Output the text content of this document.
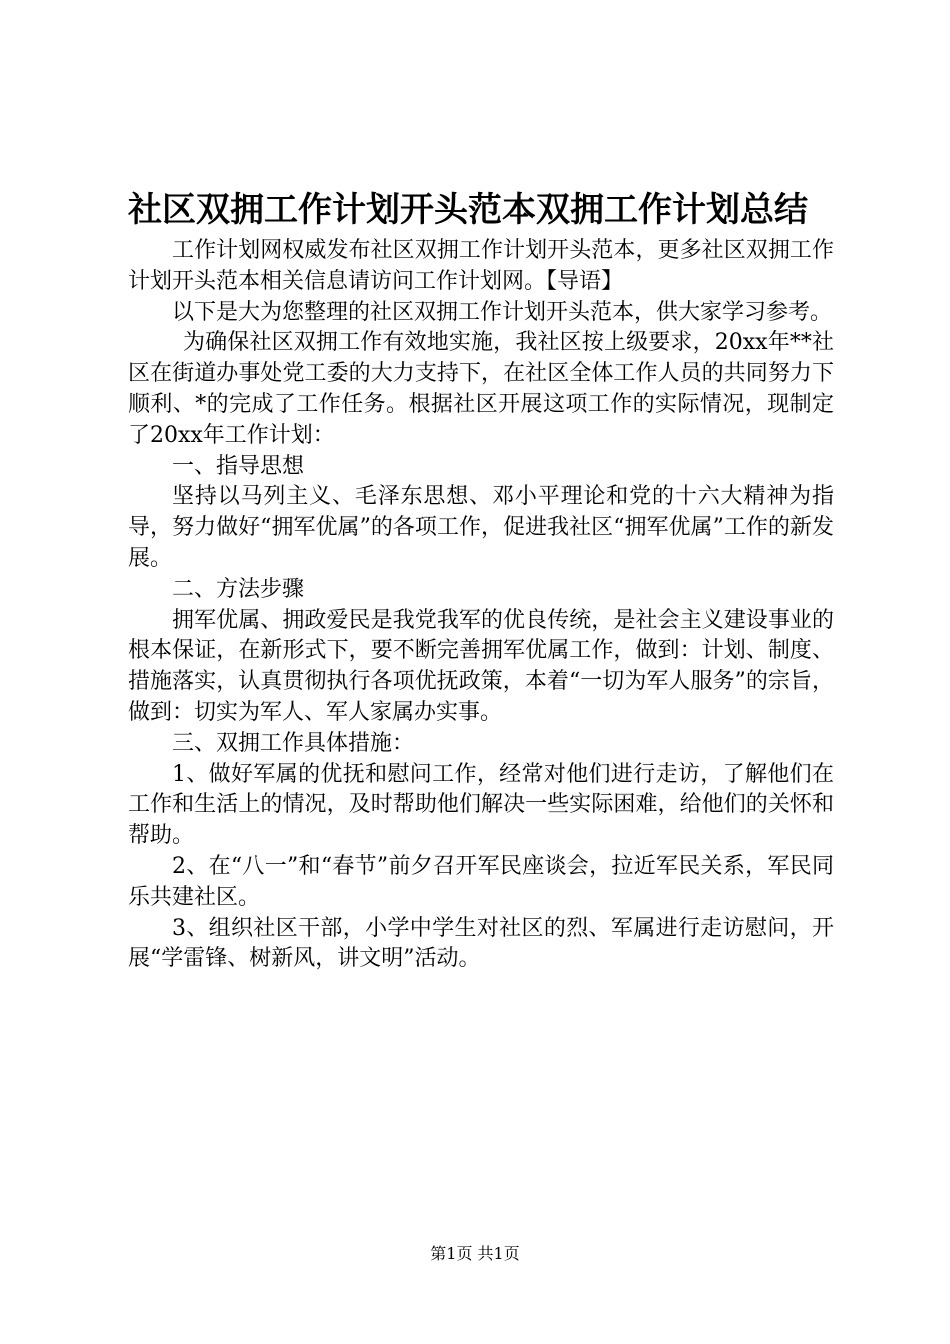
社区双拥工作计划开头范本双拥工作计划总结

工作计划网权威发布社区双拥工作计划开头范本，更多社区双拥工作计划开头范本相关信息请访问工作计划网。【导语】

以下是大为您整理的社区双拥工作计划开头范本，供大家学习参考。

为确保社区双拥工作有效地实施，我社区按上级要求，20xx年**社区在街道办事处党工委的大力支持下，在社区全体工作人员的共同努力下顺利、*的完成了工作任务。根据社区开展这项工作的实际情况，现制定了20xx年工作计划：

一、指导思想

坚持以马列主义、毛泽东思想、邓小平理论和党的十六大精神为指导，努力做好“拥军优属”的各项工作，促进我社区“拥军优属”工作的新发展。

二、方法步骤

拥军优属、拥政爱民是我党我军的优良传统，是社会主义建设事业的根本保证，在新形式下，要不断完善拥军优属工作，做到：计划、制度、措施落实，认真贯彻执行各项优抚政策，本着“一切为军人服务”的宗旨，做到：切实为军人、军人家属办实事。

三、双拥工作具体措施：

1、做好军属的优抚和慰问工作，经常对他们进行走访，了解他们在工作和生活上的情况，及时帮助他们解决一些实际困难，给他们的关怀和帮助。

2、在“八一”和“春节”前夕召开军民座谈会，拉近军民关系，军民同乐共建社区。

3、组织社区干部，小学中学生对社区的烈、军属进行走访慰问，开展“学雷锋、树新风，讲文明”活动。

第1页 共1页
